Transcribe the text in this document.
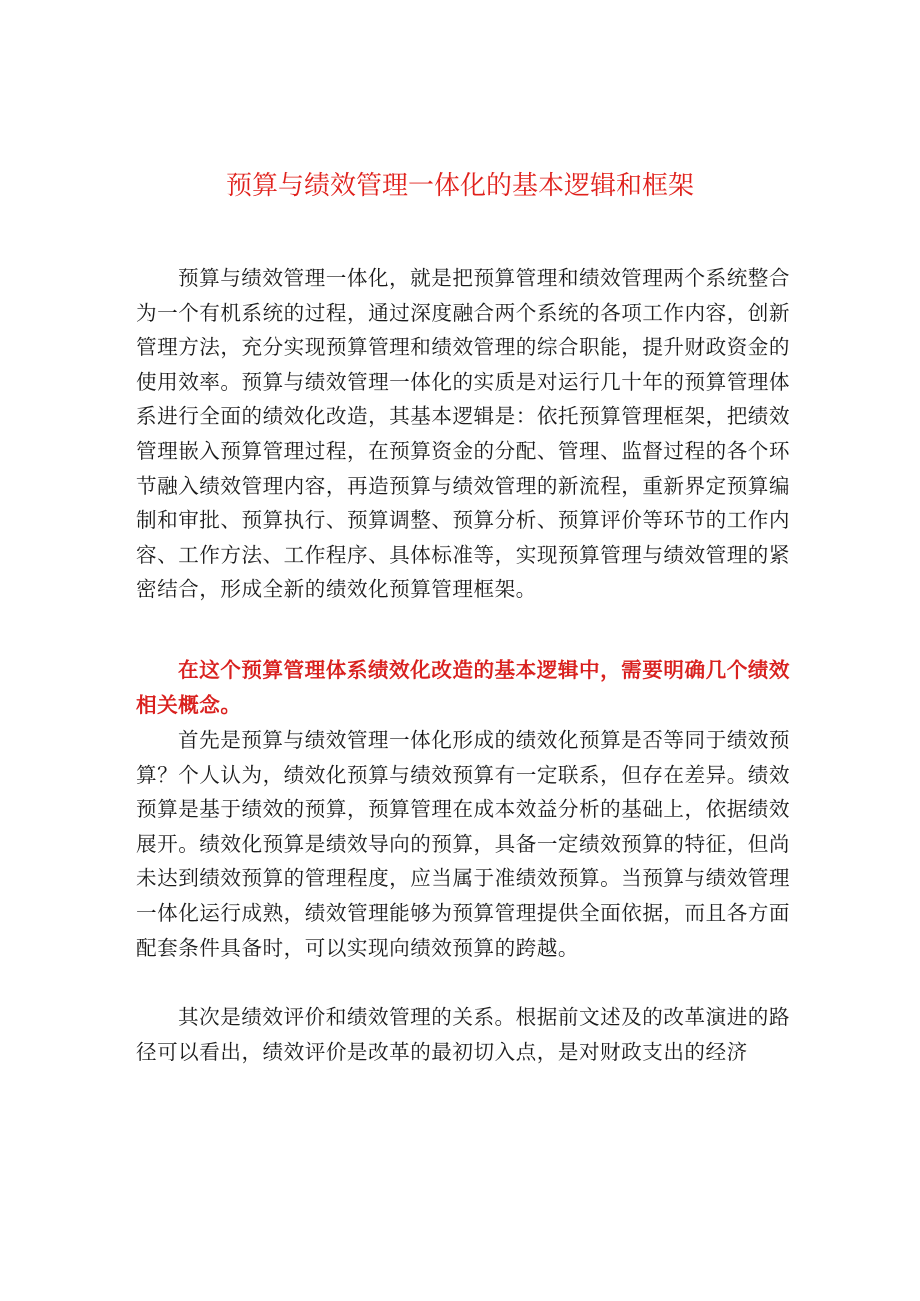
预算与绩效管理一体化的基本逻辑和框架

预算与绩效管理一体化，就是把预算管理和绩效管理两个系统整合为一个有机系统的过程，通过深度融合两个系统的各项工作内容，创新管理方法，充分实现预算管理和绩效管理的综合职能，提升财政资金的使用效率。预算与绩效管理一体化的实质是对运行几十年的预算管理体系进行全面的绩效化改造，其基本逻辑是：依托预算管理框架，把绩效管理嵌入预算管理过程，在预算资金的分配、管理、监督过程的各个环节融入绩效管理内容，再造预算与绩效管理的新流程，重新界定预算编制和审批、预算执行、预算调整、预算分析、预算评价等环节的工作内容、工作方法、工作程序、具体标准等，实现预算管理与绩效管理的紧密结合，形成全新的绩效化预算管理框架。

在这个预算管理体系绩效化改造的基本逻辑中，需要明确几个绩效相关概念。

首先是预算与绩效管理一体化形成的绩效化预算是否等同于绩效预算？个人认为，绩效化预算与绩效预算有一定联系，但存在差异。绩效预算是基于绩效的预算，预算管理在成本效益分析的基础上，依据绩效展开。绩效化预算是绩效导向的预算，具备一定绩效预算的特征，但尚未达到绩效预算的管理程度，应当属于准绩效预算。当预算与绩效管理一体化运行成熟，绩效管理能够为预算管理提供全面依据，而且各方面配套条件具备时，可以实现向绩效预算的跨越。

其次是绩效评价和绩效管理的关系。根据前文述及的改革演进的路径可以看出，绩效评价是改革的最初切入点，是对财政支出的经济
